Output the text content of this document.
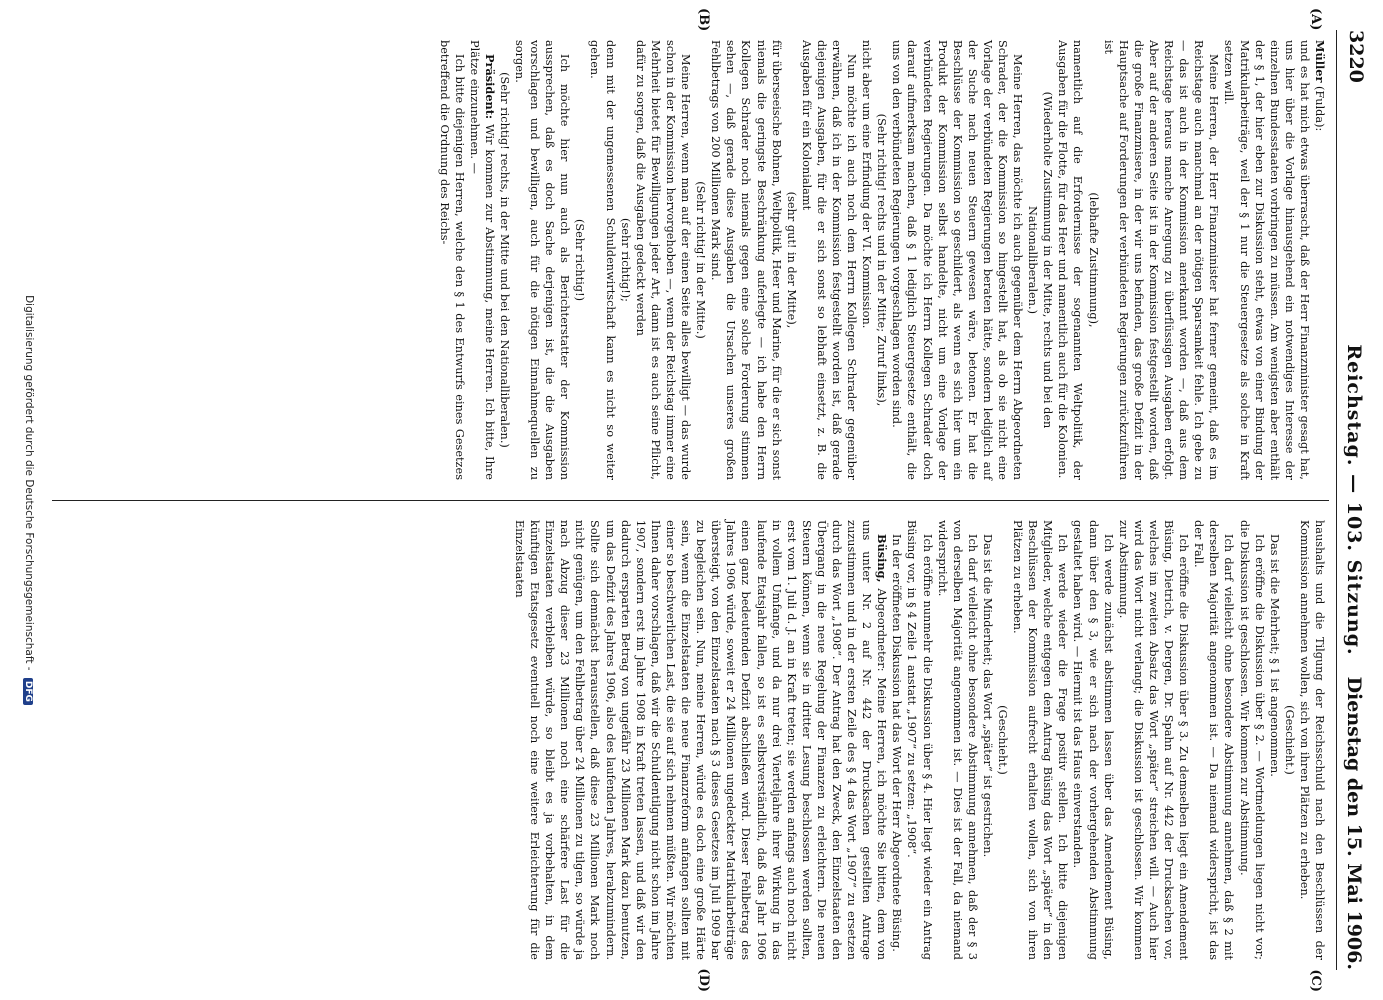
3220
Reichstag. — 103. Sitzung.
Dienstag den 15. Mai 1906.
(A)
(B)
(C)
(D)

Müller (Fulda):

und es hat mich etwas überrascht, daß der Herr Finanzminister gesagt hat, uns hier über die Vorlage hinausgehend ein notwendiges Interesse der einzelnen Bundesstaaten vorbringen zu müssen. Am wenigsten aber enthält der § 1, der hier eben zur Diskussion steht, etwas von einer Bindung der Matrikularbeiträge, weil der § 1 nur die Steuergesetze als solche in Kraft setzen will.

Meine Herren, der Herr Finanzminister hat ferner gemeint, daß es im Reichstage auch manchmal an der nötigen Sparsamkeit fehle. Ich gebe zu — das ist auch in der Kommission anerkannt worden —, daß aus dem Reichstage heraus manche Anregung zu überflüssigen Ausgaben erfolgt. Aber auf der anderen Seite ist in der Kommission festgestellt worden, daß die große Finanzmisere, in der wir uns befinden, das große Defizit in der Hauptsache auf Forderungen der verbündeten Regierungen zurückzuführen ist

(lebhafte Zustimmung),

namentlich auf die Erfordernisse der sogenannten Weltpolitik, der Ausgaben für die Flotte, für das Heer und namentlich auch für die Kolonien.

(Wiederholte Zustimmung in der Mitte, rechts und bei den Nationalliberalen.)

Meine Herren, das möchte ich auch gegenüber dem Herrn Abgeordneten Schrader, der die Kommission so hingestellt hat, als ob sie nicht eine Vorlage der verbündeten Regierungen beraten hätte, sondern lediglich auf der Suche nach neuen Steuern gewesen wäre, betonen. Er hat die Beschlüsse der Kommission so geschildert, als wenn es sich hier um ein Produkt der Kommission selbst handelte, nicht um eine Vorlage der verbündeten Regierungen. Da möchte ich Herrn Kollegen Schrader doch darauf aufmerksam machen, daß § 1 lediglich Steuergesetze enthält, die uns von den verbündeten Regierungen vorgeschlagen worden sind.

(Sehr richtig! rechts und in der Mitte; Zuruf links),

nicht aber um eine Erfindung der VI. Kommission.

Nun möchte ich auch noch dem Herrn Kollegen Schrader gegenüber erwähnen, daß ich in der Kommission festgestellt worden ist, daß gerade diejenigen Ausgaben, für die er sich sonst so lebhaft einsetzt, z. B. die Ausgaben für ein Kolonialamt

(sehr gut! in der Mitte),

für überseeische Bohnen, Weltpolitik, Heer und Marine, für die er sich sonst niemals die geringste Beschränkung auferlegte — ich habe den Herrn Kollegen Schrader noch niemals gegen eine solche Forderung stimmen sehen —, daß gerade diese Ausgaben die Ursachen unseres großen Fehlbetrags von 200 Millionen Mark sind.

(Sehr richtig! in der Mitte.)

Meine Herren, wenn man auf der einen Seite alles bewilligt — das wurde schon in der Kommission hervorgehoben —, wenn der Reichstag immer eine Mehrheit bietet für Bewilligungen jeder Art, dann ist es auch seine Pflicht, dafür zu sorgen, daß die Ausgaben gedeckt werden

(sehr richtig!);

denn mit der ungemessenen Schuldenwirtschaft kann es nicht so weiter gehen.

(Sehr richtig!)

Ich möchte hier nun auch als Berichterstatter der Kommission aussprechen, daß es doch Sache derjenigen ist, die die Ausgaben vorschlagen und bewilligen, auch für die nötigen Einnahmequellen zu sorgen.

(Sehr richtig! rechts, in der Mitte und bei den Nationalliberalen.)

Präsident: Wir kommen zur Abstimmung, meine Herren. Ich bitte, Ihre Plätze einzunehmen. —

Ich bitte diejenigen Herren, welche den § 1 des Entwurfs eines Gesetzes betreffend die Ordnung des Reichs-

haushalts und die Tilgung der Reichsschuld nach den Beschlüssen der Kommission annehmen wollen, sich von ihren Plätzen zu erheben.

(Geschieht.)

Das ist die Mehrheit; § 1 ist angenommen.

Ich eröffne die Diskussion über § 2. — Wortmeldungen liegen nicht vor; die Diskussion ist geschlossen. Wir kommen zur Abstimmung.

Ich darf vielleicht ohne besondere Abstimmung annehmen, daß § 2 mit derselben Majorität angenommen ist. — Da niemand widerspricht, ist das der Fall.

Ich eröffne die Diskussion über § 3. Zu demselben liegt ein Amendement Büsing, Dietrich, v. Dergen, Dr. Spahn auf Nr. 442 der Drucksachen vor, welches im zweiten Absatz das Wort „später“ streichen will. — Auch hier wird das Wort nicht verlangt; die Diskussion ist geschlossen. Wir kommen zur Abstimmung.

Ich werde zunächst abstimmen lassen über das Amendement Büsing, dann über den § 3, wie er sich nach der vorhergehenden Abstimmung gestaltet haben wird. — Hiermit ist das Haus einverstanden.

Ich werde wieder die Frage positiv stellen. Ich bitte diejenigen Mitglieder, welche entgegen dem Antrag Büsing das Wort „später“ in den Beschlüssen der Kommission aufrecht erhalten wollen, sich von ihren Plätzen zu erheben.

(Geschieht.)

Das ist die Minderheit; das Wort „später“ ist gestrichen.

Ich darf vielleicht ohne besondere Abstimmung annehmen, daß der § 3 von derselben Majorität angenommen ist. — Dies ist der Fall, da niemand widerspricht.

Ich eröffne nunmehr die Diskussion über § 4. Hier liegt wieder ein Antrag Büsing vor, in § 4 Zeile 1 anstatt „1907“ zu setzen: „1908“.

In der eröffneten Diskussion hat das Wort der Herr Abgeordnete Büsing.

Büsing, Abgeordneter: Meine Herren, ich möchte Sie bitten, dem von uns unter Nr. 2 auf Nr. 442 der Drucksachen gestellten Antrage zuzustimmen und in der ersten Zeile des § 4 das Wort „1907“ zu ersetzen durch das Wort „1908“. Der Antrag hat den Zweck, den Einzelstaaten den Übergang in die neue Regelung der Finanzen zu erleichtern. Die neuen Steuern können, wenn sie in dritter Lesung beschlossen werden sollten, erst vom 1. Juli d. J. an in Kraft treten; sie werden anfangs auch noch nicht in vollem Umfange, und da nur drei Vierteljahre ihrer Wirkung in das laufende Etatsjahr fallen, so ist es selbstverständlich, daß das Jahr 1906 einen ganz bedeutenden Defizit abschließen wird. Dieser Fehlbetrag des Jahres 1906 würde, soweit er 24 Millionen ungedeckter Matrikularbeiträge übersteigt, von den Einzelstaaten nach § 3 dieses Gesetzes im Juli 1909 bar zu begleichen sein. Nun, meine Herren, würde es doch eine große Härte sein, wenn die Einzelstaaten die neue Finanzreform anfangen sollten mit einer so beschwerlichen Last, die sie auf sich nehmen müßten. Wir möchten Ihnen daher vorschlagen, daß wir die Schuldentilgung nicht schon im Jahre 1907, sondern erst im Jahre 1908 in Kraft treten lassen, und daß wir den dadurch ersparten Betrag von ungefähr 23 Millionen Mark dazu benutzen, um das Defizit des Jahres 1906, also des laufenden Jahres, herabzumindern. Sollte sich demnächst herausstellen, daß diese 23 Millionen Mark noch nicht genügen, um den Fehlbetrag über 24 Millionen zu tilgen, so würde ja nach Abzug dieser 23 Millionen noch eine schärfere Last für die Einzelstaaten verbleiben würde, so bleibt es ja vorbehalten, in dem künftigen Etatsgesetz eventuell noch eine weitere Erleichterung für die Einzelstaaten

Digitalisierung gefördert durch die Deutsche Forschungsgemeinschaft - DFG
